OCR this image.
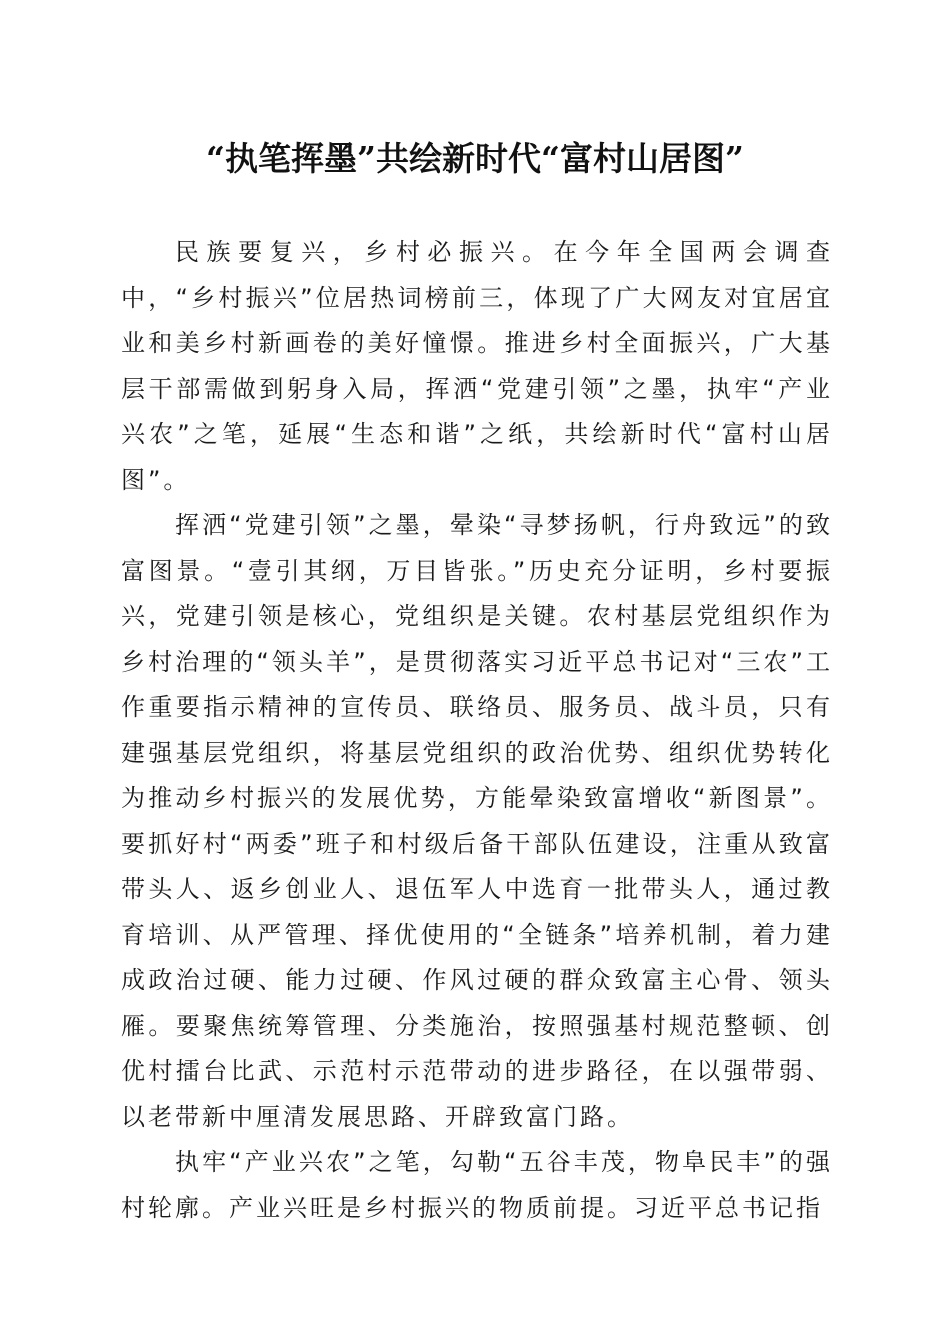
“执笔挥墨”共绘新时代“富村山居图”

民族要复兴，乡村必振兴。在今年全国两会调查中，“乡村振兴”位居热词榜前三，体现了广大网友对宜居宜业和美乡村新画卷的美好憧憬。推进乡村全面振兴，广大基层干部需做到躬身入局，挥洒“党建引领”之墨，执牢“产业兴农”之笔，延展“生态和谐”之纸，共绘新时代“富村山居图”。

挥洒“党建引领”之墨，晕染“寻梦扬帆，行舟致远”的致富图景。“壹引其纲，万目皆张。”历史充分证明，乡村要振兴，党建引领是核心，党组织是关键。农村基层党组织作为乡村治理的“领头羊”，是贯彻落实习近平总书记对“三农”工作重要指示精神的宣传员、联络员、服务员、战斗员，只有建强基层党组织，将基层党组织的政治优势、组织优势转化为推动乡村振兴的发展优势，方能晕染致富增收“新图景”。要抓好村“两委”班子和村级后备干部队伍建设，注重从致富带头人、返乡创业人、退伍军人中选育一批带头人，通过教育培训、从严管理、择优使用的“全链条”培养机制，着力建成政治过硬、能力过硬、作风过硬的群众致富主心骨、领头雁。要聚焦统筹管理、分类施治，按照强基村规范整顿、创优村擂台比武、示范村示范带动的进步路径，在以强带弱、以老带新中厘清发展思路、开辟致富门路。

执牢“产业兴农”之笔，勾勒“五谷丰茂，物阜民丰”的强村轮廓。产业兴旺是乡村振兴的物质前提。习近平总书记指
